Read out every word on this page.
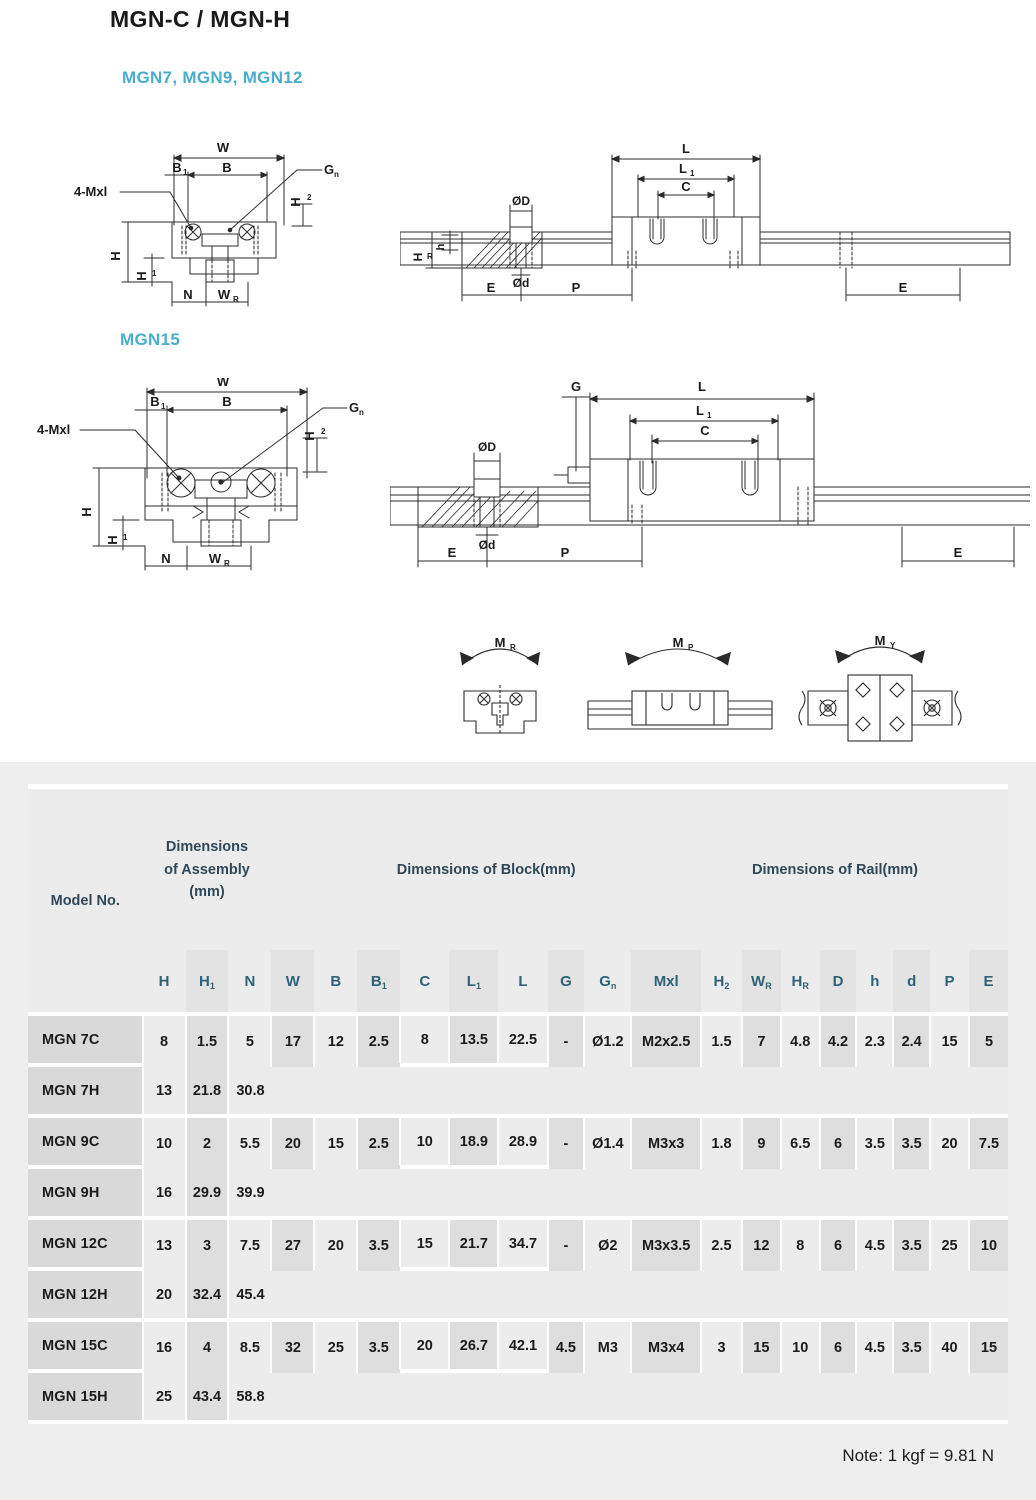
MGN-C / MGN-H
MGN7, MGN9, MGN12
MGN15
W
B 1	B	G n
4-Mxl
H 2
H
H 1
N W R
L
L 1
C
ØD
Ød
H R
h
E	P	E
W
B 1	B	G n
4-Mxl	H 2
H
H 1
N	W R
G	L
L 1
C
ØD
Ød
E	P	E
M R	M P	M Y
Model No.	Dimensions
of Assembly
(mm)			Dimensions of Block(mm)									Dimensions of Rail(mm)							

	H	$H_1$	N	W	B	$B_1$	C	$L_1$	L	G	$G_n$	Mxl	$H_2$	$W_R$	$H_R$	D	h	d	P	E

MGN 7C	8	1.5	5	17	12	2.5	8	13.5	22.5	-	Ø1.2	M2x2.5	1.5	7	4.8	4.2	2.3	2.4	15	5

MGN 7H	13	21.8	30.8																	

MGN 9C	10	2	5.5	20	15	2.5	10	18.9	28.9	-	Ø1.4	M3x3	1.8	9	6.5	6	3.5	3.5	20	7.5

MGN 9H	16	29.9	39.9																	

MGN 12C	13	3	7.5	27	20	3.5	15	21.7	34.7	-	Ø2	M3x3.5	2.5	12	8	6	4.5	3.5	25	10

MGN 12H	20	32.4	45.4																	

MGN 15C	16	4	8.5	32	25	3.5	20	26.7	42.1	4.5	M3	M3x4	3	15	10	6	4.5	3.5	40	15

MGN 15H	25	43.4	58.8																	

Note: 1 kgf = 9.81 N
